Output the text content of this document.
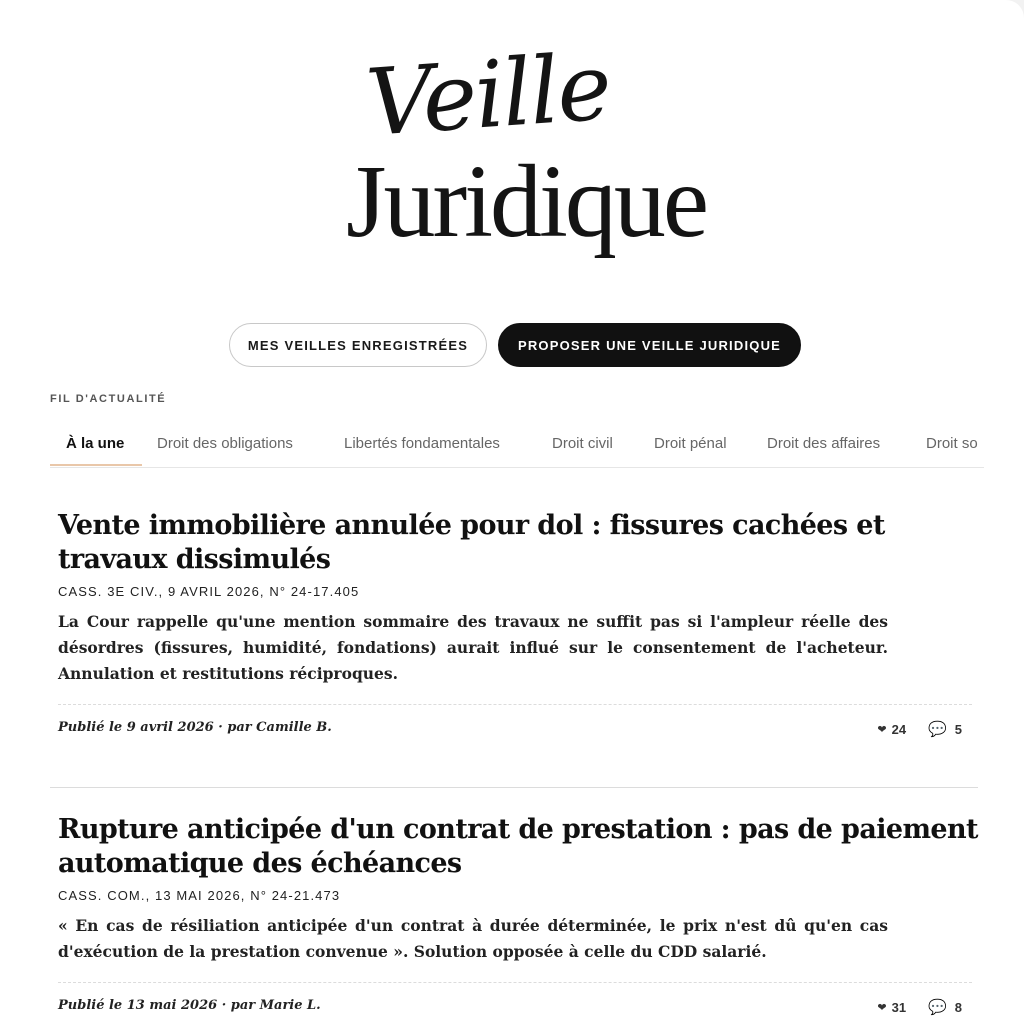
Veille
Juridique
MES VEILLES ENREGISTRÉES	PROPOSER UNE VEILLE JURIDIQUE
FIL D'ACTUALITÉ
À la une Droit des obligations	Libertés fondamentales	Droit civil	Droit pénal	Droit des affaires	Droit so
Vente immobilière annulée pour dol : fissures cachées et travaux dissimulés
CASS. 3E CIV., 9 AVRIL 2026, N° 24-17.405

La Cour rappelle qu'une mention sommaire des travaux ne suffit pas si l'ampleur réelle des désordres (fissures, humidité, fondations) aurait influé sur le consentement de l'acheteur. Annulation et restitutions réciproques.

Publié le 9 avril 2026 · par Camille B.	❤ 24 💬 5
Rupture anticipée d'un contrat de prestation : pas de paiement automatique des échéances
CASS. COM., 13 MAI 2026, N° 24-21.473

« En cas de résiliation anticipée d'un contrat à durée déterminée, le prix n'est dû qu'en cas d'exécution de la prestation convenue ». Solution opposée à celle du CDD salarié.

Publié le 13 mai 2026 · par Marie L.	❤ 31 💬 8
